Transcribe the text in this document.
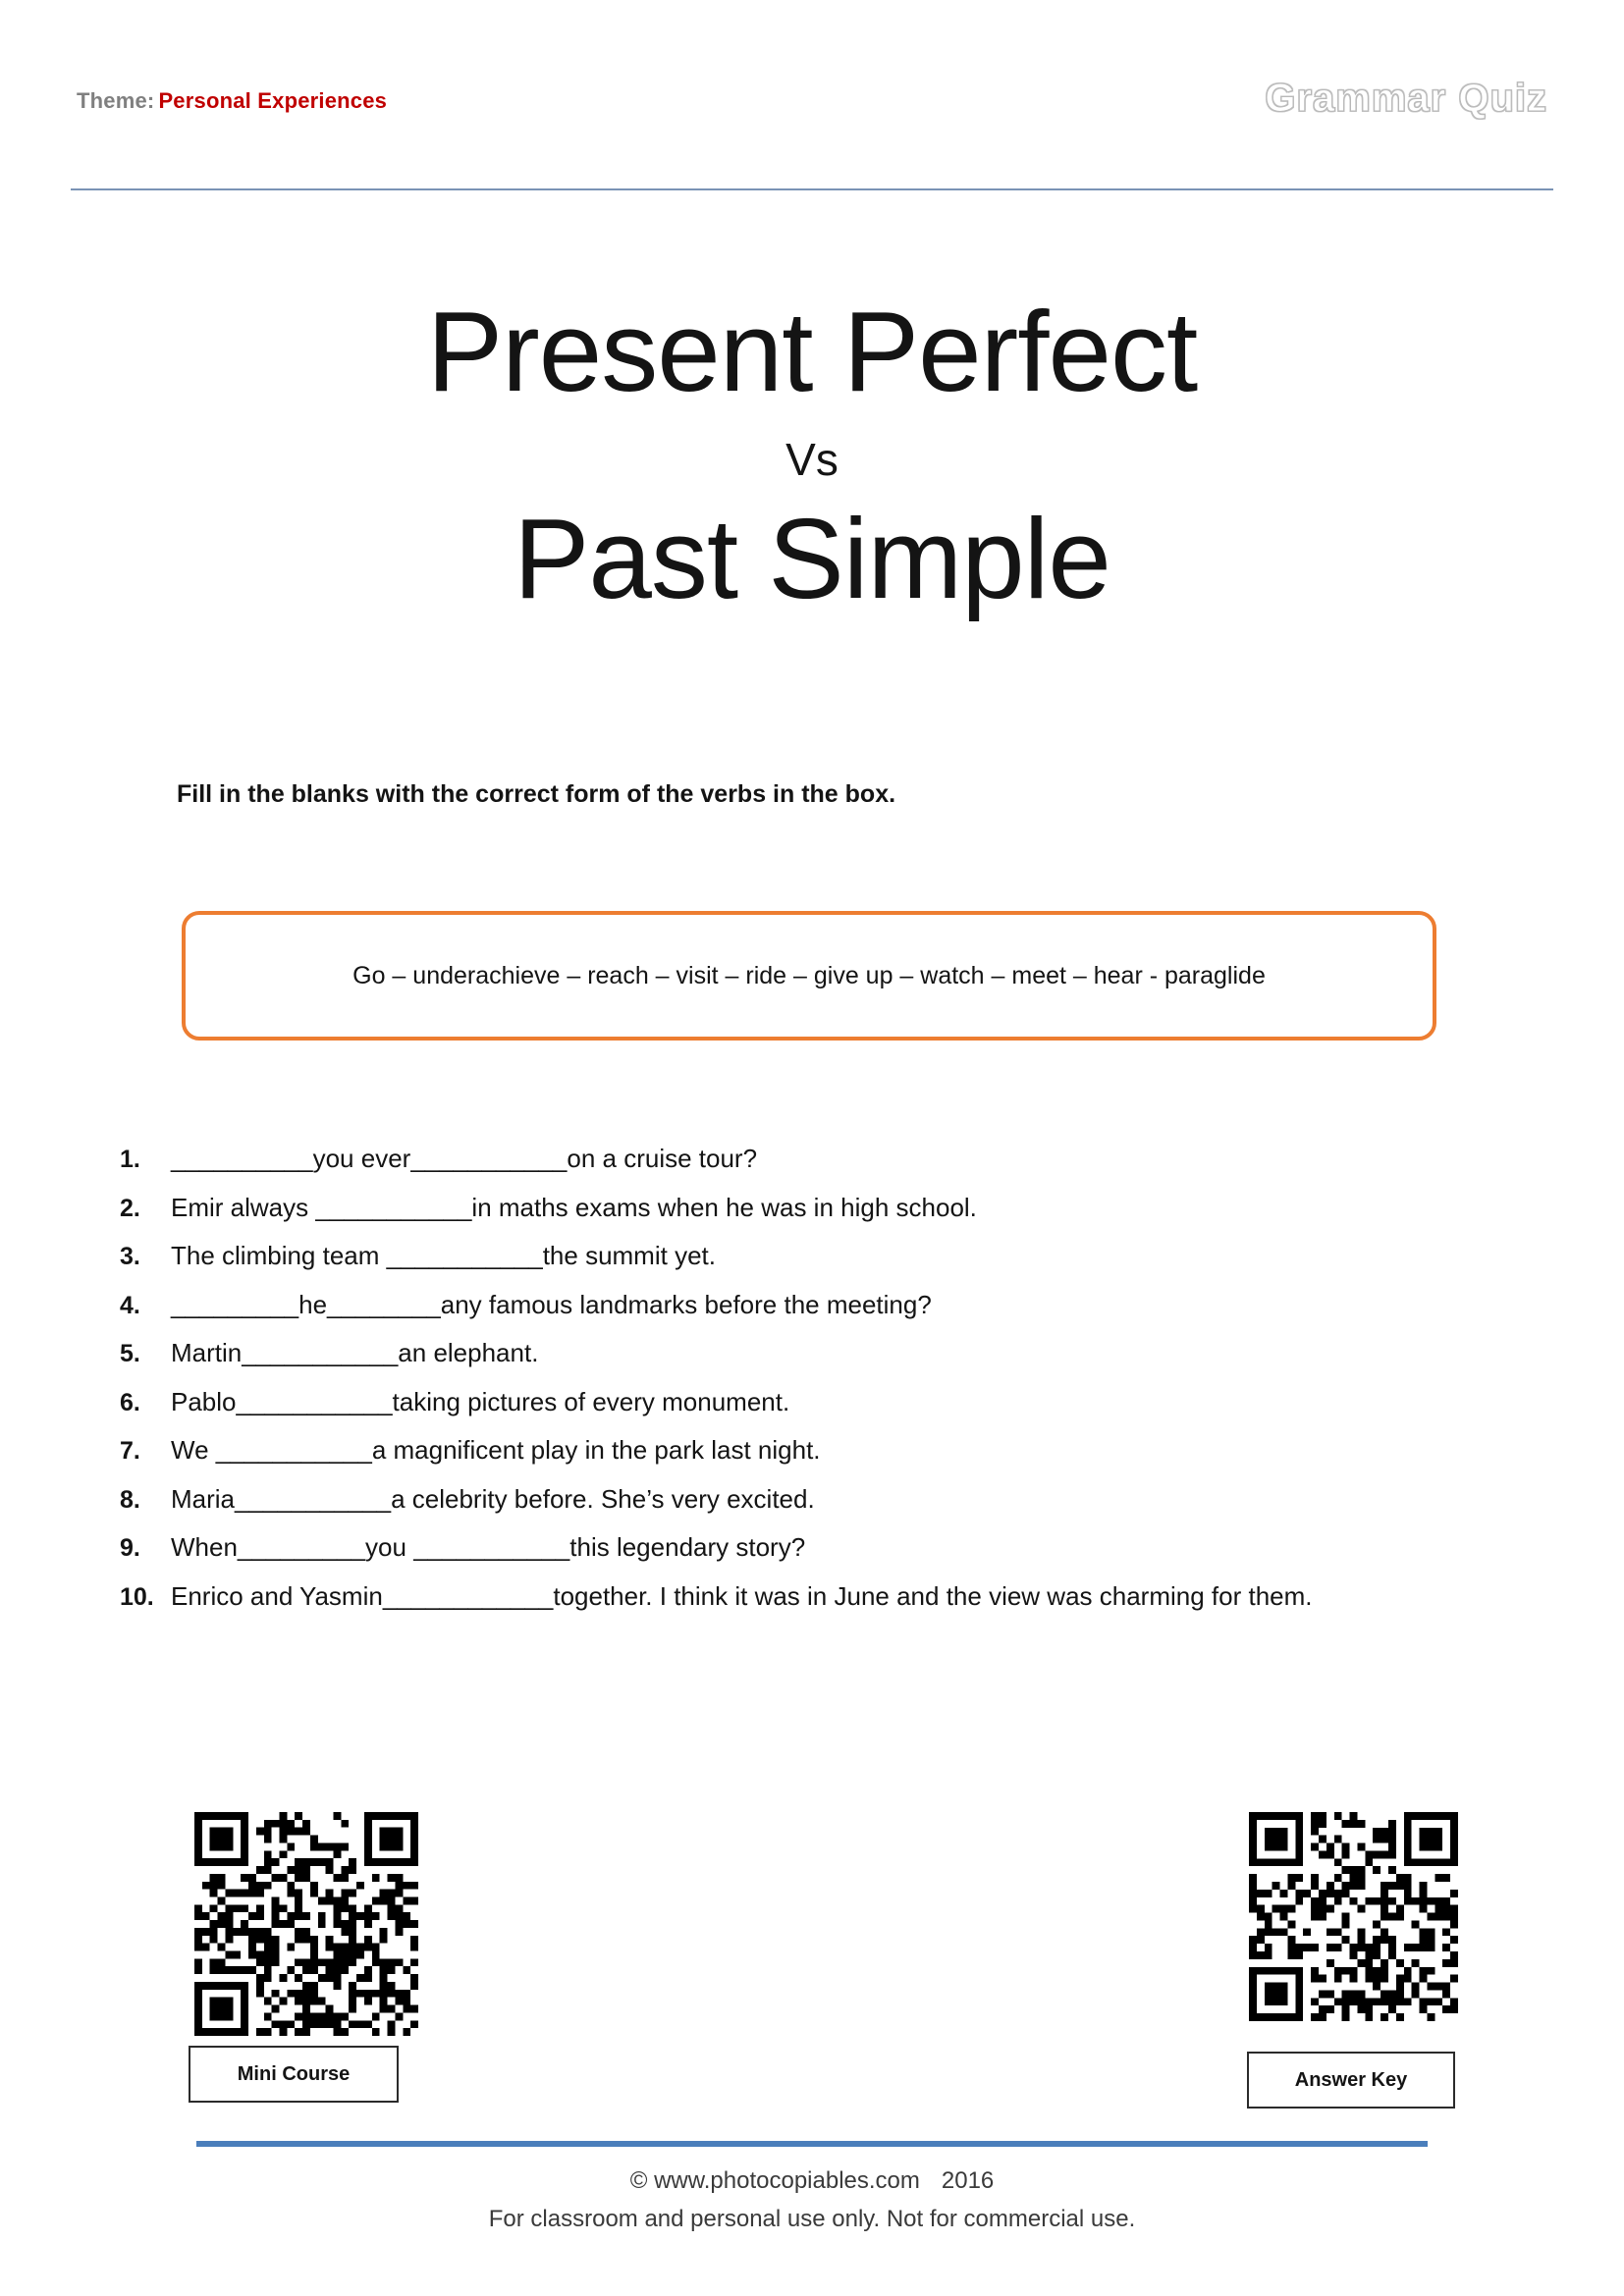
Theme: Personal Experiences	Grammar Quiz
Present Perfect
Vs
Past Simple
Fill in the blanks with the correct form of the verbs in the box.
Go – underachieve – reach – visit – ride – give up – watch – meet – hear - paraglide
1.	__________you ever___________on a cruise tour?
2.	Emir always ___________in maths exams when he was in high school.
3.	The climbing team ___________the summit yet.
4.	_________he________any famous landmarks before the meeting?
5.	Martin___________an elephant.
6.	Pablo___________taking pictures of every monument.
7.	We ___________a magnificent play in the park last night.
8.	Maria___________a celebrity before. She’s very excited.
9.	When_________you ___________this legendary story?
10. Enrico and Yasmin____________together. I think it was in June and the view was charming for them.
Mini Course	Answer Key
© www.photocopiables.com 2016
For classroom and personal use only. Not for commercial use.
